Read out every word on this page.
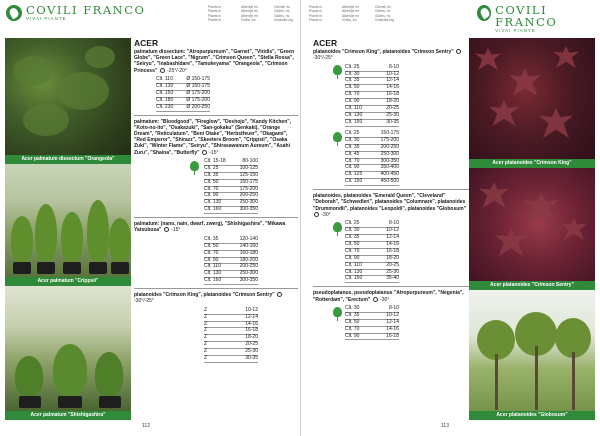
COVILI FRANCO
VIVAI PIANTE
Plants in
Plants in
Plants in
Plants in
Alberi/je en
Alberi/je en
Alberi/je en
Vivilla, inc
Clientfl, rtc
Glofrls, rtc
Glofrls, rtc
Vivaivilla.org
Acer palmatum dissectum "Orangeola"
Acer palmatum "Crippsii"
Acer palmatum "Shishigashira"
ACER
palmatum dissectum: "Atropurpureum", "Garnet", "Viridis", "Green Globe", "Green Lace", "Nigrum", "Crimson Queen", "Stella Rossa", "Seiryu", "Inabashidare", "Tamukeyama" "Orangeola", "Crimson Princess" -25°/-20°
Clt. 110	Ø 150-175
Clt. 130	Ø 150-175
Clt. 150	Ø 175-200
Clt. 180	Ø 175-200
Clt. 230	Ø 200-250
palmatum: "Bloodgood", "Fireglow", "Deshojo", "Kandy Kitchen", "Koto-no-ito", "Osakazuki", "San-gokaku" (Senkaki), "Orange Dream", "Reticulatum", "Beni Otake", "Herbstfeuer", "Okagami", "Red Emperor", "Shirazz", "Skeeters Broom", "Crippsii", "Osaka Zuki", "Winter Flame", "Seiryu", "Shirasawanum Aureum", "Asahi Zuru", "Shaina", "Butterfly" -15°
Clt. 15-18	80-100
Clt. 25	100-125
Clt. 35	125-150
Clt. 50	150-175
Clt. 70	175-200
Clt. 90	200-250
Clt. 130	250-300
Clt. 160	300-350
palmatum: (nano, nain, dwarf, zwerg), "Shishigashira", "Mikawa Yatsubusa" -15°
Clt. 35	120-140
Clt. 50	140-160
Clt. 70	160-180
Clt. 90	180-200
Clt. 110	200-250
Clt. 130	250-300
Clt. 160	300-350
platanoides "Crimson King", platanoides "Crimson Sentry"  -30°/-25°
Z	10-12
Z	12-14
Z	14-16
Z	16-18
Z	18-20
Z	20-25
Z	25-30
Z	30-35
112
Plants in
Plants in
Plants in
Plants in
Alberi/je en
Alberi/je en
Alberi/je en
Vivilla, inc
Clientfl, rtc
Glofrls, rtc
Glofrls, rtc
Vivaivilla.org
COVILI FRANCO
VIVAI PIANTE
ACER
platanoides "Crimson King", platanoides "Crimson Sentry"  -30°/-25°
Clt. 25	8-10
Clt. 30	10-12
Clt. 35	12-14
Clt. 50	14-16
Clt. 70	16-18
Clt. 90	18-20
Clt. 110	20-25
Clt. 130	25-30
Clt. 150	30-35
Clt. 25	150-175
Clt. 30	175-200
Clt. 35	200-250
Clt. 45	250-300
Clt. 70	300-350
Clt. 90	350-400
Clt. 125	400-450
Clt. 150	450-500
platanoides, platanoides "Emerald Queen", "Cleveland" "Deborah", "Schwedleri", platanoides "Columnare", platanoides "Drummondii", platanoides "Leopoldi", platanoides "Globosum"  -30°
Clt. 25	8-10
Clt. 30	10-12
Clt. 35	12-14
Clt. 50	14-16
Clt. 70	16-18
Clt. 90	18-20
Clt. 110	20-25
Clt. 130	25-30
Clt. 150	35-40
pseudoplatanus, pseudoplatanus "Atropurpureum", "Negenia", "Rotterdam", "Erectum" -30°
Clt. 30	8-10
Clt. 35	10-12
Clt. 50	12-14
Clt. 70	14-16
Clt. 90	16-18
Acer platanoides "Crimson King"
Acer platanoides "Crimson Sentry"
Acer platanoides "Globosum"
113
